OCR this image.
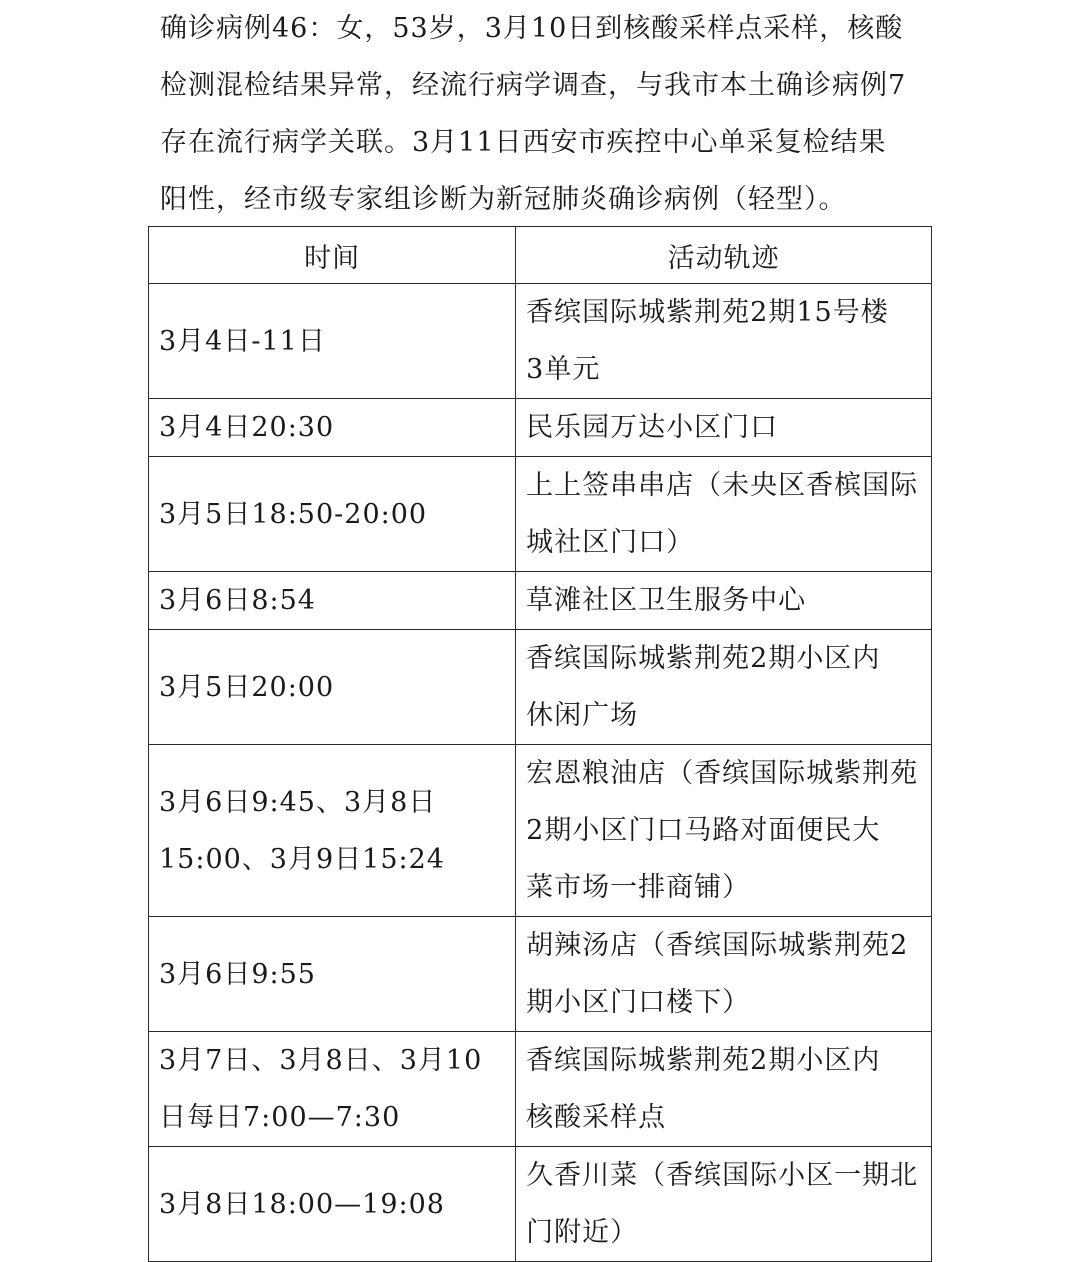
确诊病例46：女，53岁，3月10日到核酸采样点采样，核酸
检测混检结果异常，经流行病学调查，与我市本土确诊病例7
存在流行病学关联。3月11日西安市疾控中心单采复检结果
阳性，经市级专家组诊断为新冠肺炎确诊病例（轻型）。
时间	活动轨迹

3月4日-11日	香缤国际城紫荆苑2期15号楼
3单元

3月4日20:30	民乐园万达小区门口

3月5日18:50-20:00	上上签串串店（未央区香槟国际
城社区门口）

3月6日8:54	草滩社区卫生服务中心

3月5日20:00	香缤国际城紫荆苑2期小区内
休闲广场

3月6日9:45、3月8日
15:00、3月9日15:24	宏恩粮油店（香缤国际城紫荆苑
2期小区门口马路对面便民大
菜市场一排商铺）

3月6日9:55	胡辣汤店（香缤国际城紫荆苑2
期小区门口楼下）

3月7日、3月8日、3月10
日每日7:00—7:30	香缤国际城紫荆苑2期小区内
核酸采样点

3月8日18:00—19:08	久香川菜（香缤国际小区一期北
门附近）
